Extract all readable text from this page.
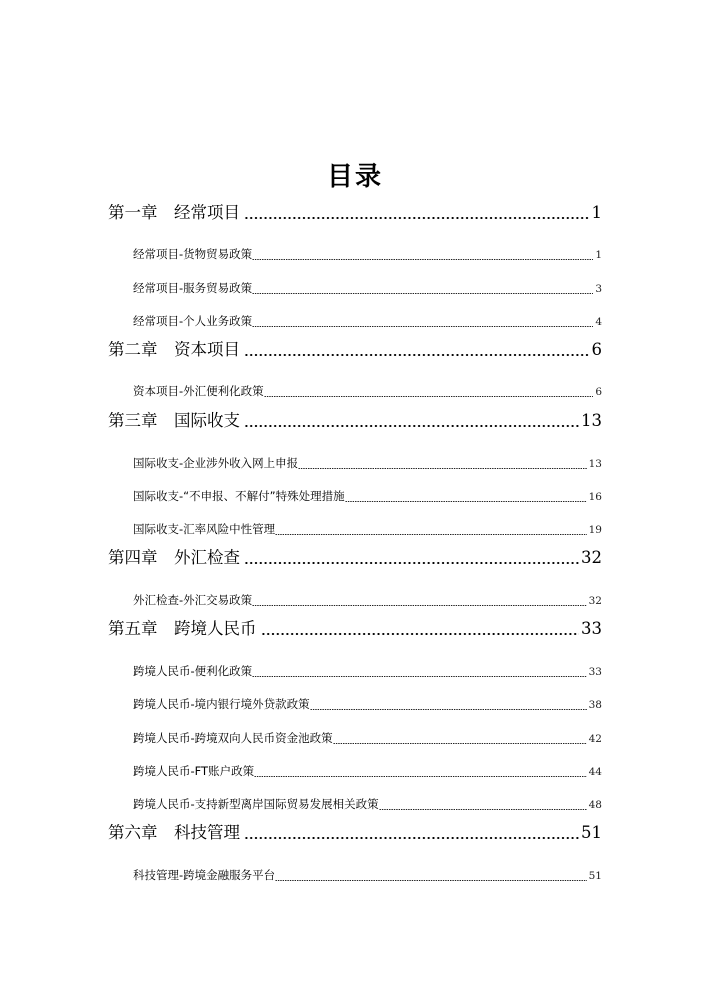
目录
第一章	经常项目	1
经常项目-货物贸易政策	1
经常项目-服务贸易政策	3
经常项目-个人业务政策	4
第二章	资本项目	6
资本项目-外汇便利化政策	6
第三章	国际收支	13
国际收支-企业涉外收入网上申报	13
国际收支-“不申报、不解付”特殊处理措施	16
国际收支-汇率风险中性管理	19
第四章	外汇检查	32
外汇检查-外汇交易政策	32
第五章	跨境人民币	33
跨境人民币-便利化政策	33
跨境人民币-境内银行境外贷款政策	38
跨境人民币-跨境双向人民币资金池政策	42
跨境人民币-FT账户政策	44
跨境人民币-支持新型离岸国际贸易发展相关政策	48
第六章	科技管理	51
科技管理-跨境金融服务平台	51
